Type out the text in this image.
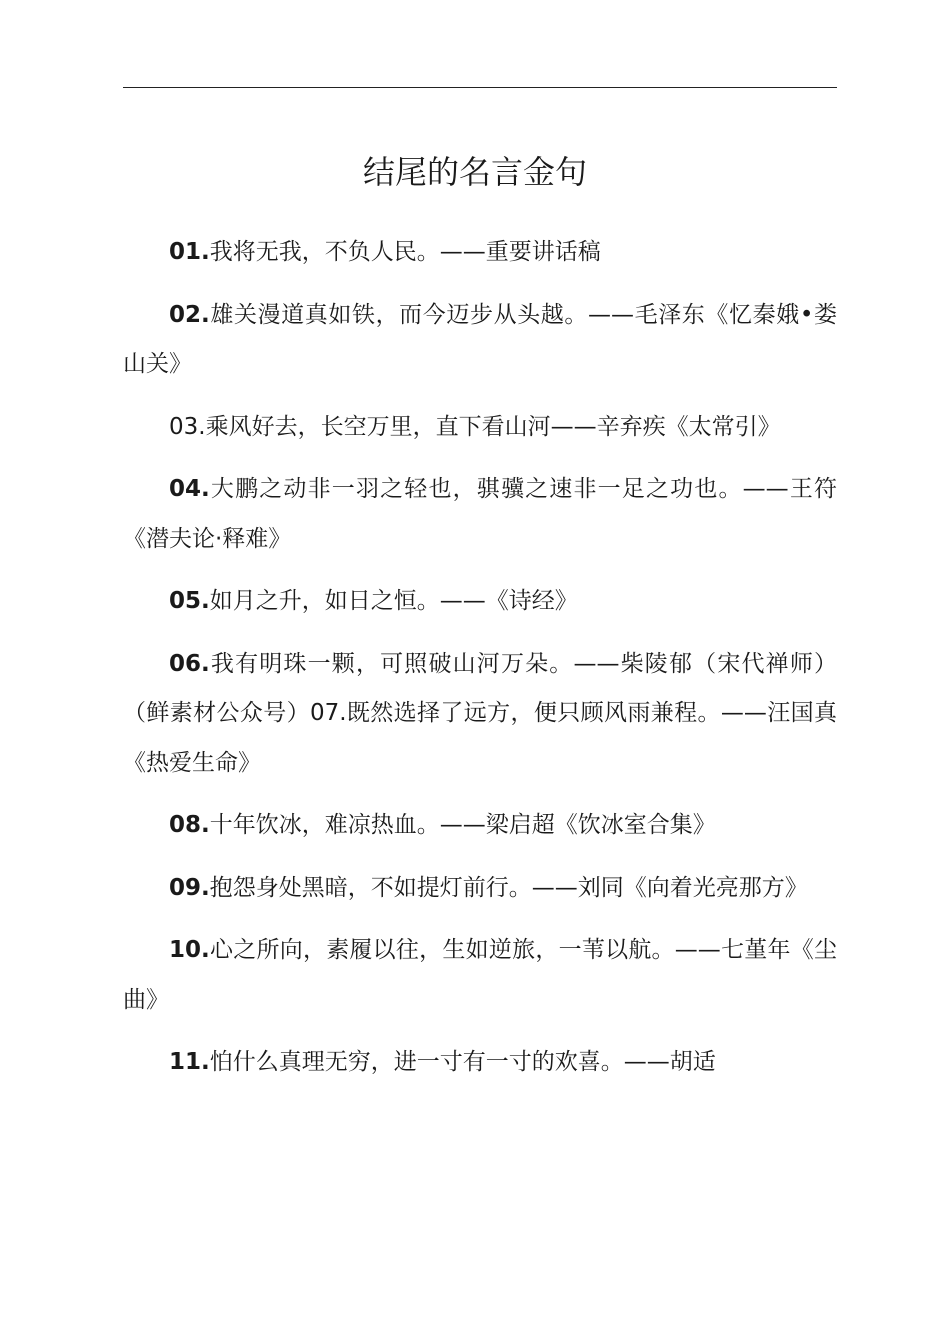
结尾的名言金句

01.我将无我，不负人民。——重要讲话稿

02.雄关漫道真如铁，而今迈步从头越。——毛泽东《忆秦娥•娄山关》

03.乘风好去，长空万里，直下看山河——辛弃疾《太常引》

04.大鹏之动非一羽之轻也，骐骥之速非一足之功也。——王符《潜夫论·释难》

05.如月之升，如日之恒。——《诗经》

06.我有明珠一颗，可照破山河万朵。——柴陵郁（宋代禅师）（鲜素材公众号）07.既然选择了远方，便只顾风雨兼程。——汪国真《热爱生命》

08.十年饮冰，难凉热血。——梁启超《饮冰室合集》

09.抱怨身处黑暗，不如提灯前行。——刘同《向着光亮那方》

10.心之所向，素履以往，生如逆旅，一苇以航。——七堇年《尘曲》

11.怕什么真理无穷，进一寸有一寸的欢喜。——胡适
